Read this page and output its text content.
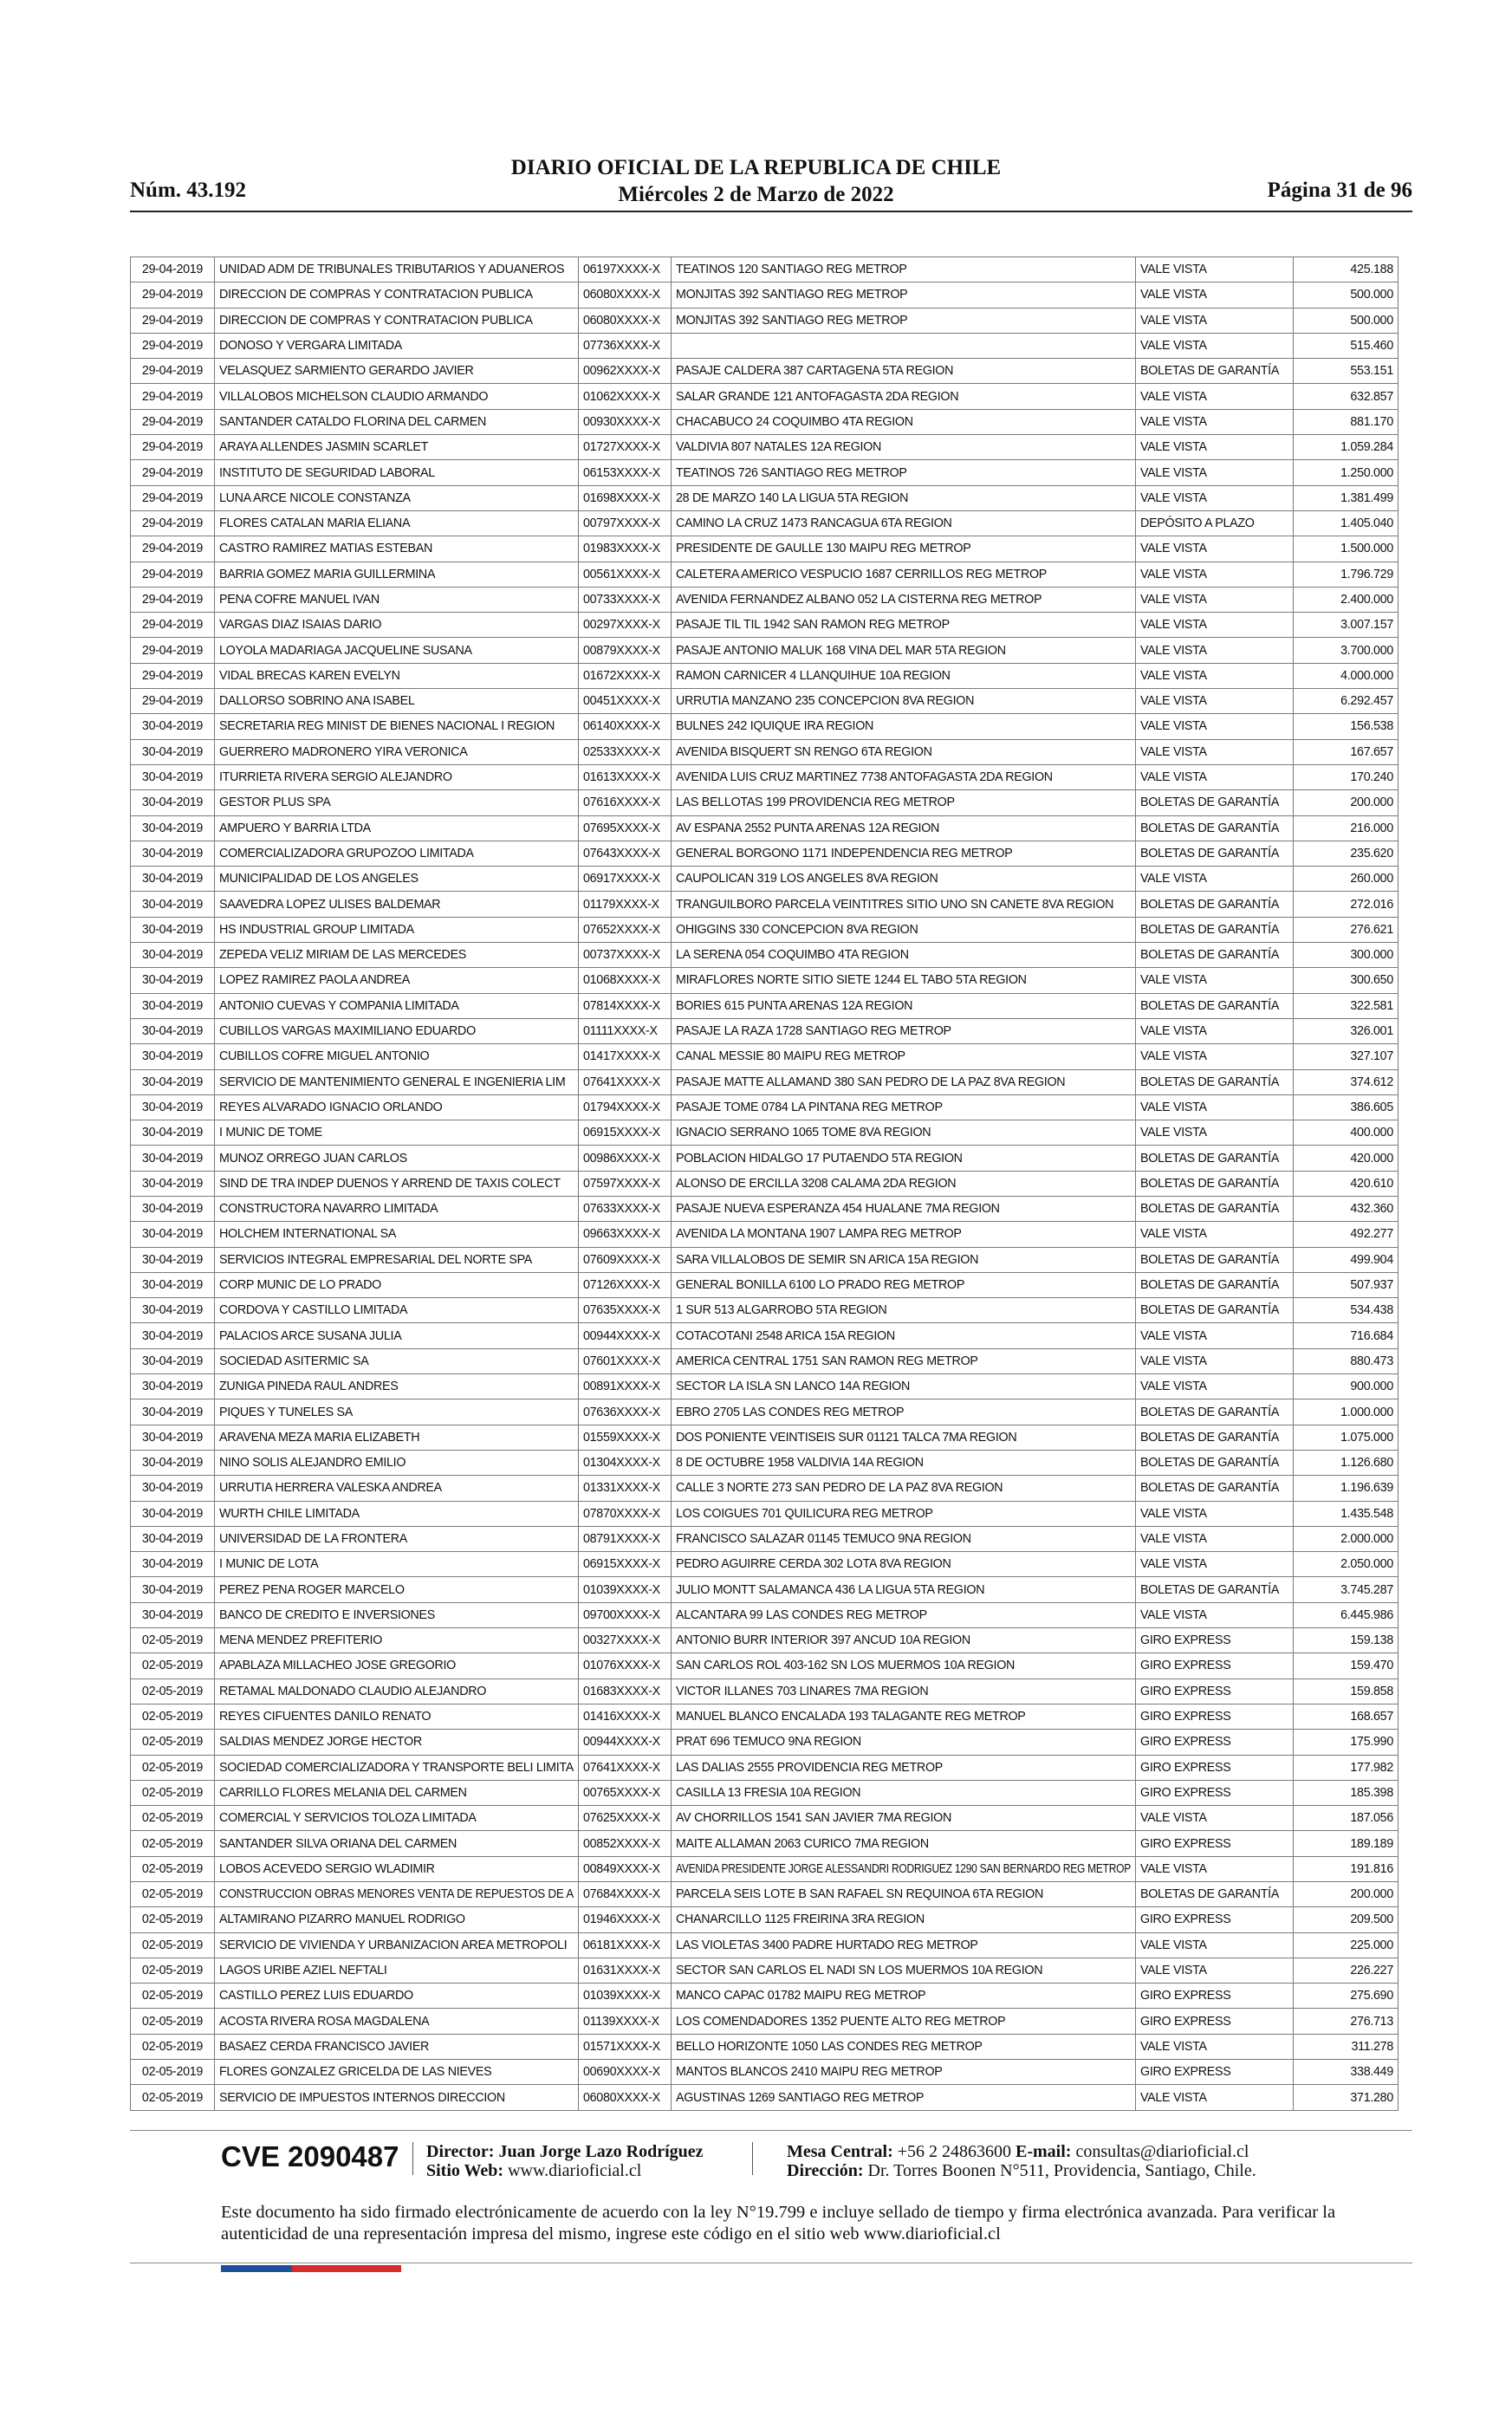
Núm. 43.192
DIARIO OFICIAL DE LA REPUBLICA DE CHILE
Miércoles 2 de Marzo de 2022	Página 31 de 96
29-04-2019	UNIDAD ADM DE TRIBUNALES TRIBUTARIOS Y ADUANEROS	06197XXXX-X	TEATINOS 120 SANTIAGO REG METROP	VALE VISTA	425.188
29-04-2019	DIRECCION DE COMPRAS Y CONTRATACION PUBLICA	06080XXXX-X	MONJITAS 392 SANTIAGO REG METROP	VALE VISTA	500.000
29-04-2019	DIRECCION DE COMPRAS Y CONTRATACION PUBLICA	06080XXXX-X	MONJITAS 392 SANTIAGO REG METROP	VALE VISTA	500.000
29-04-2019	DONOSO Y VERGARA LIMITADA	07736XXXX-X		VALE VISTA	515.460
29-04-2019	VELASQUEZ SARMIENTO GERARDO JAVIER	00962XXXX-X	PASAJE CALDERA 387 CARTAGENA 5TA REGION	BOLETAS DE GARANTÍA	553.151
29-04-2019	VILLALOBOS MICHELSON CLAUDIO ARMANDO	01062XXXX-X	SALAR GRANDE 121 ANTOFAGASTA 2DA REGION	VALE VISTA	632.857
29-04-2019	SANTANDER CATALDO FLORINA DEL CARMEN	00930XXXX-X	CHACABUCO 24 COQUIMBO 4TA REGION	VALE VISTA	881.170
29-04-2019	ARAYA ALLENDES JASMIN SCARLET	01727XXXX-X	VALDIVIA 807 NATALES 12A REGION	VALE VISTA	1.059.284
29-04-2019	INSTITUTO DE SEGURIDAD LABORAL	06153XXXX-X	TEATINOS 726 SANTIAGO REG METROP	VALE VISTA	1.250.000
29-04-2019	LUNA ARCE NICOLE CONSTANZA	01698XXXX-X	28 DE MARZO 140 LA LIGUA 5TA REGION	VALE VISTA	1.381.499
29-04-2019	FLORES CATALAN MARIA ELIANA	00797XXXX-X	CAMINO LA CRUZ 1473 RANCAGUA 6TA REGION	DEPÓSITO A PLAZO	1.405.040
29-04-2019	CASTRO RAMIREZ MATIAS ESTEBAN	01983XXXX-X	PRESIDENTE DE GAULLE 130 MAIPU REG METROP	VALE VISTA	1.500.000
29-04-2019	BARRIA GOMEZ MARIA GUILLERMINA	00561XXXX-X	CALETERA AMERICO VESPUCIO 1687 CERRILLOS REG METROP	VALE VISTA	1.796.729
29-04-2019	PENA COFRE MANUEL IVAN	00733XXXX-X	AVENIDA FERNANDEZ ALBANO 052 LA CISTERNA REG METROP	VALE VISTA	2.400.000
29-04-2019	VARGAS DIAZ ISAIAS DARIO	00297XXXX-X	PASAJE TIL TIL 1942 SAN RAMON REG METROP	VALE VISTA	3.007.157
29-04-2019	LOYOLA MADARIAGA JACQUELINE SUSANA	00879XXXX-X	PASAJE ANTONIO MALUK 168 VINA DEL MAR 5TA REGION	VALE VISTA	3.700.000
29-04-2019	VIDAL BRECAS KAREN EVELYN	01672XXXX-X	RAMON CARNICER 4 LLANQUIHUE 10A REGION	VALE VISTA	4.000.000
29-04-2019	DALLORSO SOBRINO ANA ISABEL	00451XXXX-X	URRUTIA MANZANO 235 CONCEPCION 8VA REGION	VALE VISTA	6.292.457
30-04-2019	SECRETARIA REG MINIST DE BIENES NACIONAL I REGION	06140XXXX-X	BULNES 242 IQUIQUE IRA REGION	VALE VISTA	156.538
30-04-2019	GUERRERO MADRONERO YIRA VERONICA	02533XXXX-X	AVENIDA BISQUERT SN RENGO 6TA REGION	VALE VISTA	167.657
30-04-2019	ITURRIETA RIVERA SERGIO ALEJANDRO	01613XXXX-X	AVENIDA LUIS CRUZ MARTINEZ 7738 ANTOFAGASTA 2DA REGION	VALE VISTA	170.240
30-04-2019	GESTOR PLUS SPA	07616XXXX-X	LAS BELLOTAS 199 PROVIDENCIA REG METROP	BOLETAS DE GARANTÍA	200.000
30-04-2019	AMPUERO Y BARRIA LTDA	07695XXXX-X	AV ESPANA 2552 PUNTA ARENAS 12A REGION	BOLETAS DE GARANTÍA	216.000
30-04-2019	COMERCIALIZADORA GRUPOZOO LIMITADA	07643XXXX-X	GENERAL BORGONO 1171 INDEPENDENCIA REG METROP	BOLETAS DE GARANTÍA	235.620
30-04-2019	MUNICIPALIDAD DE LOS ANGELES	06917XXXX-X	CAUPOLICAN 319 LOS ANGELES 8VA REGION	VALE VISTA	260.000
30-04-2019	SAAVEDRA LOPEZ ULISES BALDEMAR	01179XXXX-X	TRANGUILBORO PARCELA VEINTITRES SITIO UNO SN CANETE 8VA REGION	BOLETAS DE GARANTÍA	272.016
30-04-2019	HS INDUSTRIAL GROUP LIMITADA	07652XXXX-X	OHIGGINS 330 CONCEPCION 8VA REGION	BOLETAS DE GARANTÍA	276.621
30-04-2019	ZEPEDA VELIZ MIRIAM DE LAS MERCEDES	00737XXXX-X	LA SERENA 054 COQUIMBO 4TA REGION	BOLETAS DE GARANTÍA	300.000
30-04-2019	LOPEZ RAMIREZ PAOLA ANDREA	01068XXXX-X	MIRAFLORES NORTE SITIO SIETE 1244 EL TABO 5TA REGION	VALE VISTA	300.650
30-04-2019	ANTONIO CUEVAS Y COMPANIA LIMITADA	07814XXXX-X	BORIES 615 PUNTA ARENAS 12A REGION	BOLETAS DE GARANTÍA	322.581
30-04-2019	CUBILLOS VARGAS MAXIMILIANO EDUARDO	01111XXXX-X	PASAJE LA RAZA 1728 SANTIAGO REG METROP	VALE VISTA	326.001
30-04-2019	CUBILLOS COFRE MIGUEL ANTONIO	01417XXXX-X	CANAL MESSIE 80 MAIPU REG METROP	VALE VISTA	327.107
30-04-2019	SERVICIO DE MANTENIMIENTO GENERAL E INGENIERIA LIM	07641XXXX-X	PASAJE MATTE ALLAMAND 380 SAN PEDRO DE LA PAZ 8VA REGION	BOLETAS DE GARANTÍA	374.612
30-04-2019	REYES ALVARADO IGNACIO ORLANDO	01794XXXX-X	PASAJE TOME 0784 LA PINTANA REG METROP	VALE VISTA	386.605
30-04-2019	I MUNIC DE TOME	06915XXXX-X	IGNACIO SERRANO 1065 TOME 8VA REGION	VALE VISTA	400.000
30-04-2019	MUNOZ ORREGO JUAN CARLOS	00986XXXX-X	POBLACION HIDALGO 17 PUTAENDO 5TA REGION	BOLETAS DE GARANTÍA	420.000
30-04-2019	SIND DE TRA INDEP DUENOS Y ARREND DE TAXIS COLECT	07597XXXX-X	ALONSO DE ERCILLA 3208 CALAMA 2DA REGION	BOLETAS DE GARANTÍA	420.610
30-04-2019	CONSTRUCTORA NAVARRO LIMITADA	07633XXXX-X	PASAJE NUEVA ESPERANZA 454 HUALANE 7MA REGION	BOLETAS DE GARANTÍA	432.360
30-04-2019	HOLCHEM INTERNATIONAL SA	09663XXXX-X	AVENIDA LA MONTANA 1907 LAMPA REG METROP	VALE VISTA	492.277
30-04-2019	SERVICIOS INTEGRAL EMPRESARIAL DEL NORTE SPA	07609XXXX-X	SARA VILLALOBOS DE SEMIR SN ARICA 15A REGION	BOLETAS DE GARANTÍA	499.904
30-04-2019	CORP MUNIC DE LO PRADO	07126XXXX-X	GENERAL BONILLA 6100 LO PRADO REG METROP	BOLETAS DE GARANTÍA	507.937
30-04-2019	CORDOVA Y CASTILLO LIMITADA	07635XXXX-X	1 SUR 513 ALGARROBO 5TA REGION	BOLETAS DE GARANTÍA	534.438
30-04-2019	PALACIOS ARCE SUSANA JULIA	00944XXXX-X	COTACOTANI 2548 ARICA 15A REGION	VALE VISTA	716.684
30-04-2019	SOCIEDAD ASITERMIC SA	07601XXXX-X	AMERICA CENTRAL 1751 SAN RAMON REG METROP	VALE VISTA	880.473
30-04-2019	ZUNIGA PINEDA RAUL ANDRES	00891XXXX-X	SECTOR LA ISLA SN LANCO 14A REGION	VALE VISTA	900.000
30-04-2019	PIQUES Y TUNELES SA	07636XXXX-X	EBRO 2705 LAS CONDES REG METROP	BOLETAS DE GARANTÍA	1.000.000
30-04-2019	ARAVENA MEZA MARIA ELIZABETH	01559XXXX-X	DOS PONIENTE VEINTISEIS SUR 01121 TALCA 7MA REGION	BOLETAS DE GARANTÍA	1.075.000
30-04-2019	NINO SOLIS ALEJANDRO EMILIO	01304XXXX-X	8 DE OCTUBRE 1958 VALDIVIA 14A REGION	BOLETAS DE GARANTÍA	1.126.680
30-04-2019	URRUTIA HERRERA VALESKA ANDREA	01331XXXX-X	CALLE 3 NORTE 273 SAN PEDRO DE LA PAZ 8VA REGION	BOLETAS DE GARANTÍA	1.196.639
30-04-2019	WURTH CHILE LIMITADA	07870XXXX-X	LOS COIGUES 701 QUILICURA REG METROP	VALE VISTA	1.435.548
30-04-2019	UNIVERSIDAD DE LA FRONTERA	08791XXXX-X	FRANCISCO SALAZAR 01145 TEMUCO 9NA REGION	VALE VISTA	2.000.000
30-04-2019	I MUNIC DE LOTA	06915XXXX-X	PEDRO AGUIRRE CERDA 302 LOTA 8VA REGION	VALE VISTA	2.050.000
30-04-2019	PEREZ PENA ROGER MARCELO	01039XXXX-X	JULIO MONTT SALAMANCA 436 LA LIGUA 5TA REGION	BOLETAS DE GARANTÍA	3.745.287
30-04-2019	BANCO DE CREDITO E INVERSIONES	09700XXXX-X	ALCANTARA 99 LAS CONDES REG METROP	VALE VISTA	6.445.986
02-05-2019	MENA MENDEZ PREFITERIO	00327XXXX-X	ANTONIO BURR INTERIOR 397 ANCUD 10A REGION	GIRO EXPRESS	159.138
02-05-2019	APABLAZA MILLACHEO JOSE GREGORIO	01076XXXX-X	SAN CARLOS ROL 403-162 SN LOS MUERMOS 10A REGION	GIRO EXPRESS	159.470
02-05-2019	RETAMAL MALDONADO CLAUDIO ALEJANDRO	01683XXXX-X	VICTOR ILLANES 703 LINARES 7MA REGION	GIRO EXPRESS	159.858
02-05-2019	REYES CIFUENTES DANILO RENATO	01416XXXX-X	MANUEL BLANCO ENCALADA 193 TALAGANTE REG METROP	GIRO EXPRESS	168.657
02-05-2019	SALDIAS MENDEZ JORGE HECTOR	00944XXXX-X	PRAT 696 TEMUCO 9NA REGION	GIRO EXPRESS	175.990
02-05-2019	SOCIEDAD COMERCIALIZADORA Y TRANSPORTE BELI LIMITA	07641XXXX-X	LAS DALIAS 2555 PROVIDENCIA REG METROP	GIRO EXPRESS	177.982
02-05-2019	CARRILLO FLORES MELANIA DEL CARMEN	00765XXXX-X	CASILLA 13 FRESIA 10A REGION	GIRO EXPRESS	185.398
02-05-2019	COMERCIAL Y SERVICIOS TOLOZA LIMITADA	07625XXXX-X	AV CHORRILLOS 1541 SAN JAVIER 7MA REGION	VALE VISTA	187.056
02-05-2019	SANTANDER SILVA ORIANA DEL CARMEN	00852XXXX-X	MAITE ALLAMAN 2063 CURICO 7MA REGION	GIRO EXPRESS	189.189
02-05-2019	LOBOS ACEVEDO SERGIO WLADIMIR	00849XXXX-X	AVENIDA PRESIDENTE JORGE ALESSANDRI RODRIGUEZ 1290 SAN BERNARDO REG METROP	VALE VISTA	191.816
02-05-2019	CONSTRUCCION OBRAS MENORES VENTA DE REPUESTOS DE A	07684XXXX-X	PARCELA SEIS LOTE B SAN RAFAEL SN REQUINOA 6TA REGION	BOLETAS DE GARANTÍA	200.000
02-05-2019	ALTAMIRANO PIZARRO MANUEL RODRIGO	01946XXXX-X	CHANARCILLO 1125 FREIRINA 3RA REGION	GIRO EXPRESS	209.500
02-05-2019	SERVICIO DE VIVIENDA Y URBANIZACION AREA METROPOLI	06181XXXX-X	LAS VIOLETAS 3400 PADRE HURTADO REG METROP	VALE VISTA	225.000
02-05-2019	LAGOS URIBE AZIEL NEFTALI	01631XXXX-X	SECTOR SAN CARLOS EL NADI SN LOS MUERMOS 10A REGION	VALE VISTA	226.227
02-05-2019	CASTILLO PEREZ LUIS EDUARDO	01039XXXX-X	MANCO CAPAC 01782 MAIPU REG METROP	GIRO EXPRESS	275.690
02-05-2019	ACOSTA RIVERA ROSA MAGDALENA	01139XXXX-X	LOS COMENDADORES 1352 PUENTE ALTO REG METROP	GIRO EXPRESS	276.713
02-05-2019	BASAEZ CERDA FRANCISCO JAVIER	01571XXXX-X	BELLO HORIZONTE 1050 LAS CONDES REG METROP	VALE VISTA	311.278
02-05-2019	FLORES GONZALEZ GRICELDA DE LAS NIEVES	00690XXXX-X	MANTOS BLANCOS 2410 MAIPU REG METROP	GIRO EXPRESS	338.449
02-05-2019	SERVICIO DE IMPUESTOS INTERNOS DIRECCION	06080XXXX-X	AGUSTINAS 1269 SANTIAGO REG METROP	VALE VISTA	371.280
CVE 2090487 Director: Juan Jorge Lazo Rodríguez
Sitio Web: www.diarioficial.cl
Mesa Central: +56 2 24863600 E-mail: consultas@diarioficial.cl
Dirección: Dr. Torres Boonen N°511, Providencia, Santiago, Chile.
Este documento ha sido firmado electrónicamente de acuerdo con la ley N°19.799 e incluye sellado de tiempo y firma electrónica avanzada. Para verificar la autenticidad de una representación impresa del mismo, ingrese este código en el sitio web www.diarioficial.cl
